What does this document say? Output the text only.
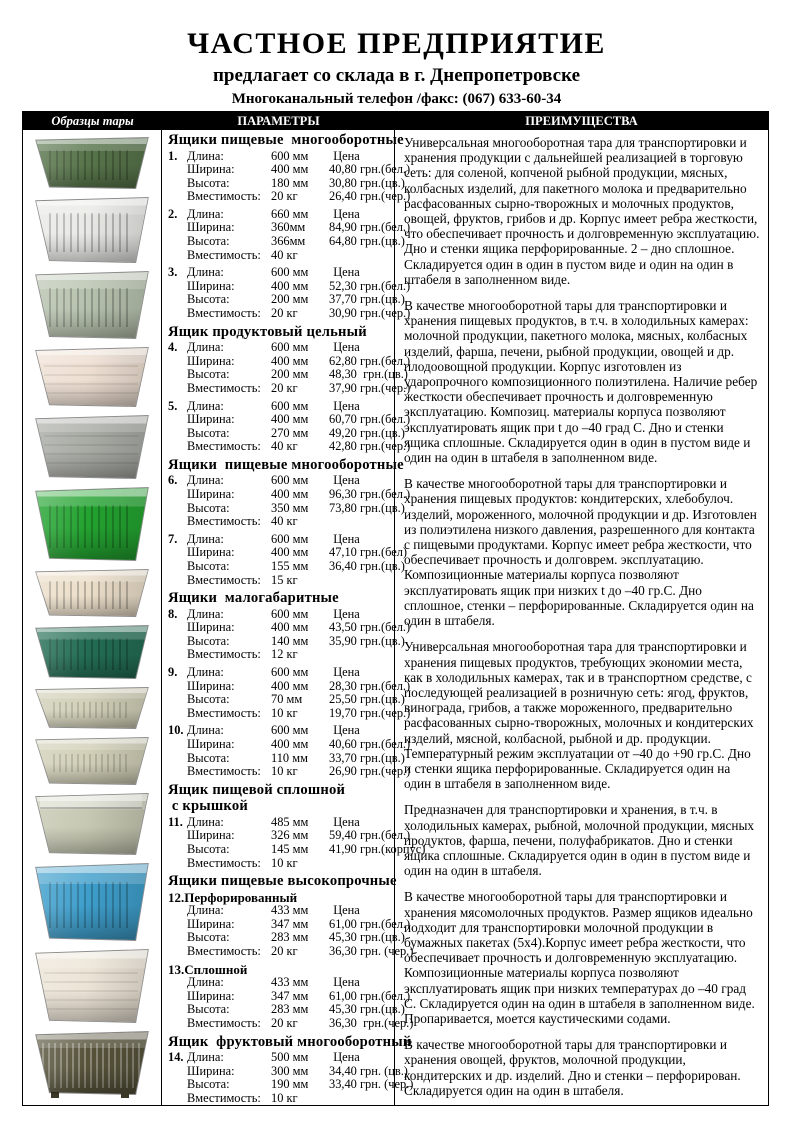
ЧАСТНОЕ ПРЕДПРИЯТИЕ
предлагает со склада в г. Днепропетровске
Многоканальный телефон /факс: (067) 633-60-34
Образцы тары	ПАРАМЕТРЫ	ПРЕИМУЩЕСТВА
Ящики пищевые  многооборотные
1. Длина:	600 мм	Цена
Ширина:	400 мм	40,80 грн.(бел.)
Высота:	180 мм	30,80 грн.(цв.)
Вместимость: 20 кг	26,40 грн.(чер.)
2. Длина:	660 мм	Цена
Ширина:	360мм	84,90 грн.(бел.)
Высота:	366мм	64,80 грн.(цв.)
Вместимость: 40 кг
3. Длина:	600 мм	Цена
Ширина:	400 мм	52,30 грн.(бел.)
Высота:	200 мм	37,70 грн.(цв.)
Вместимость: 20 кг	30,90 грн.(чер.)
Ящик продуктовый цельный
4. Длина:	600 мм	Цена
Ширина:	400 мм	62,80 грн.(бел.)
Высота:	200 мм	48,30  грн.(цв.)
Вместимость: 20 кг	37,90 грн.(чер.)
5. Длина:	600 мм	Цена
Ширина:	400 мм	60,70 грн.(бел.)
Высота:	270 мм	49,20 грн.(цв.)
Вместимость: 40 кг	42,80 грн.(чер.)
Ящики  пищевые многооборотные
6. Длина:	600 мм	Цена
Ширина:	400 мм	96,30 грн.(бел.)
Высота:	350 мм	73,80 грн.(цв.)
Вместимость: 40 кг
7. Длина:	600 мм	Цена
Ширина:	400 мм	47,10 грн.(бел)
Высота:	155 мм	36,40 грн.(цв.)
Вместимость: 15 кг
Ящики  малогабаритные
8. Длина:	600 мм	Цена
Ширина:	400 мм	43,50 грн.(бел.)
Высота:	140 мм	35,90 грн.(цв.)
Вместимость: 12 кг
9. Длина:	600 мм	Цена
Ширина:	400 мм	28,30 грн.(бел.)
Высота:	70 мм	25,50 грн.(цв.)
Вместимость: 10 кг	19,70 грн.(чер.)
10. Длина:	600 мм	Цена
Ширина:	400 мм	40,60 грн.(бел.)
Высота:	110 мм	33,70 грн.(цв.)
Вместимость: 10 кг	26,90 грн.(чер.)
Ящик пищевой сплошной
с крышкой
11. Длина:	485 мм	Цена
Ширина:	326 мм	59,40 грн.(бел.)
Высота:	145 мм	41,90 грн.(корпус)
Вместимость: 10 кг
Ящики пищевые высокопрочные
12.Перфорированный
Длина:	433 мм	Цена
Ширина:	347 мм	61,00 грн.(бел.)
Высота:	283 мм	45,30 грн.(цв.)
Вместимость: 20 кг	36,30 грн. (чер.)
13.Сплошной
Длина:	433 мм	Цена
Ширина:	347 мм	61,00 грн.(бел.)
Высота:	283 мм	45,30 грн.(цв.)
Вместимость: 20 кг	36,30  грн.(чер.)
Ящик  фруктовый многооборотный
14. Длина:	500 мм	Цена
Ширина:	300 мм	34,40 грн. (цв.)
Высота:	190 мм	33,40 грн. (чер.)
Вместимость: 10 кг
Универсальная многооборотная тара для транспортировки и хранения продукции с дальнейшей реализацией в торговую сеть: для соленой, копченой рыбной продукции, мясных, колбасных изделий, для пакетного молока и предварительно расфасованных сырно-творожных и молочных продуктов, овощей, фруктов, грибов и др. Корпус имеет ребра жесткости, что обеспечивает прочность и долговременную эксплуатацию. Дно и стенки ящика перфорированные. 2 – дно сплошное. Складируется один в один в пустом виде и один на один в штабеля в заполненном виде.
В качестве многооборотной тары для транспортировки и хранения пищевых продуктов, в т.ч. в холодильных камерах: молочной продукции, пакетного молока, мясных, колбасных изделий, фарша, печени, рыбной продукции, овощей и др. плодоовощной продукции. Корпус изготовлен из ударопрочного композиционного полиэтилена. Наличие ребер жесткости обеспечивает прочность и долговременную эксплуатацию. Композиц. материалы корпуса позволяют эксплуатировать ящик при t до –40 град С. Дно и стенки ящика сплошные. Складируется один в один в пустом виде и один на один в штабеля в заполненном виде.
В качестве многооборотной тары для транспортировки и хранения пищевых продуктов: кондитерских, хлебобулоч. изделий, мороженного, молочной продукции и др. Изготовлен из полиэтилена низкого давления, разрешенного для контакта с пищевыми продуктами. Корпус имеет ребра жесткости, что обеспечивает прочность и долговрем. эксплуатацию. Композиционные материалы корпуса позволяют эксплуатировать ящик при низких t до –40 гр.С. Дно сплошное, стенки – перфорированные. Складируется один на один в штабеля.
Универсальная многооборотная тара для транспортировки и хранения пищевых продуктов, требующих экономии места, как в холодильных камерах, так и в транспортном средстве, с последующей реализацией в розничную сеть: ягод, фруктов, винограда, грибов, а также мороженного, предварительно расфасованных сырно-творожных, молочных и кондитерских изделий, мясной, колбасной, рыбной и др. продукции. Температурный режим эксплуатации от –40 до +90 гр.С. Дно и стенки ящика перфорированные. Складируется один на один в штабеля в заполненном виде.
Предназначен для транспортировки и хранения, в т.ч. в холодильных камерах, рыбной, молочной продукции, мясных продуктов, фарша, печени, полуфабрикатов. Дно и стенки ящика сплошные. Складируется один в один в пустом виде и один на один в штабеля.
В качестве многооборотной тары для транспортировки и хранения мясомолочных продуктов. Размер ящиков идеально подходит для транспортировки молочной продукции в бумажных пакетах (5х4).Корпус имеет ребра жесткости, что обеспечивает прочность и долговременную эксплуатацию. Композиционные материалы корпуса позволяют эксплуатировать ящик при низких температурах до –40 град С. Складируется один на один в штабеля в заполненном виде. Пропаривается, моется каустическими содами.
В качестве многооборотной тары для транспортировки и хранения овощей, фруктов, молочной продукции, кондитерских и др. изделий. Дно и стенки – перфорирован. Складируется один на один в штабеля.
